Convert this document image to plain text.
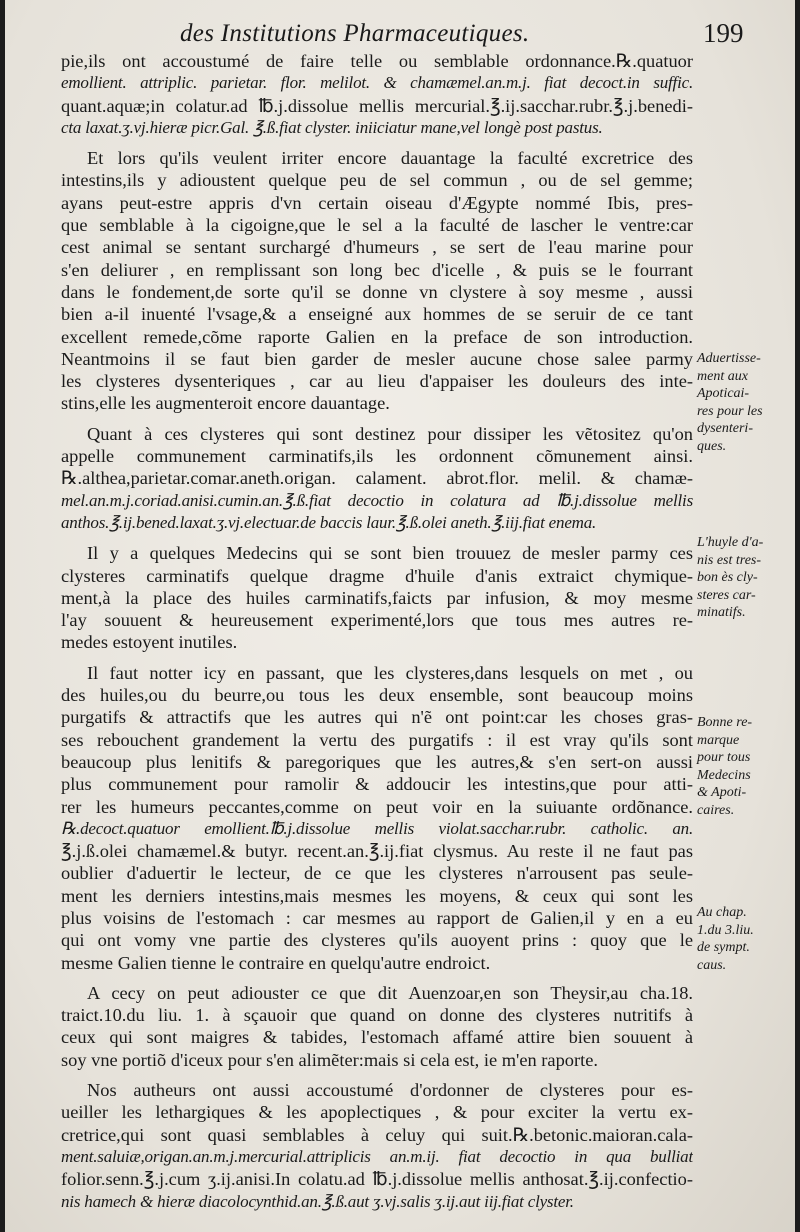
des Institutions Pharmaceutiques.	199
pie,ils ont accoustumé de faire telle ou semblable ordonnance.℞.quatuor
emollient. attriplic. parietar. flor. melilot. & chamæmel.an.m.j. fiat decoct.in suffic.
quant.aquæ;in colatur.ad ℔.j.dissolue mellis mercurial.℥.ij.sacchar.rubr.℥.j.benedi-
cta laxat.ʒ.vj.hieræ picr.Gal. ℥.ß.fiat clyster. iniiciatur mane,vel longè post pastus.
Et lors qu'ils veulent irriter encore dauantage la faculté excretrice des
intestins,ils y adioustent quelque peu de sel commun , ou de sel gemme;
ayans peut-estre appris d'vn certain oiseau d'Ægypte nommé Ibis, pres-
que semblable à la cigoigne,que le sel a la faculté de lascher le ventre:car
cest animal se sentant surchargé d'humeurs , se sert de l'eau marine pour
s'en deliurer , en remplissant son long bec d'icelle , & puis se le fourrant
dans le fondement,de sorte qu'il se donne vn clystere à soy mesme , aussi
bien a-il inuenté l'vsage,& a enseigné aux hommes de se seruir de ce tant
excellent remede,cõme raporte Galien en la preface de son introduction.
Neantmoins il se faut bien garder de mesler aucune chose salee parmy
les clysteres dysenteriques , car au lieu d'appaiser les douleurs des inte-
stins,elle les augmenteroit encore dauantage.
Quant à ces clysteres qui sont destinez pour dissiper les vẽtositez qu'on
appelle communement carminatifs,ils les ordonnent cõmunement ainsi.
℞.althea,parietar.comar.aneth.origan. calament. abrot.flor. melil. & chamæ-
mel.an.m.j.coriad.anisi.cumin.an.℥.ß.fiat decoctio in colatura ad ℔.j.dissolue mellis
anthos.℥.ij.bened.laxat.ʒ.vj.electuar.de baccis laur.℥.ß.olei aneth.℥.iij.fiat enema.
Il y a quelques Medecins qui se sont bien trouuez de mesler parmy ces
clysteres carminatifs quelque dragme d'huile d'anis extraict chymique-
ment,à la place des huiles carminatifs,faicts par infusion, & moy mesme
l'ay souuent & heureusement experimenté,lors que tous mes autres re-
medes estoyent inutiles.
Il faut notter icy en passant, que les clysteres,dans lesquels on met , ou
des huiles,ou du beurre,ou tous les deux ensemble, sont beaucoup moins
purgatifs & attractifs que les autres qui n'ẽ ont point:car les choses gras-
ses rebouchent grandement la vertu des purgatifs : il est vray qu'ils sont
beaucoup plus lenitifs & paregoriques que les autres,& s'en sert-on aussi
plus communement pour ramolir & addoucir les intestins,que pour atti-
rer les humeurs peccantes,comme on peut voir en la suiuante ordõnance.
℞.decoct.quatuor emollient.℔.j.dissolue mellis violat.sacchar.rubr. catholic. an.
℥.j.ß.olei chamæmel.& butyr. recent.an.℥.ij.fiat clysmus. Au reste il ne faut pas
oublier d'aduertir le lecteur, de ce que les clysteres n'arrousent pas seule-
ment les derniers intestins,mais mesmes les moyens, & ceux qui sont les
plus voisins de l'estomach : car mesmes au rapport de Galien,il y en a eu
qui ont vomy vne partie des clysteres qu'ils auoyent prins : quoy que le
mesme Galien tienne le contraire en quelqu'autre endroict.
A cecy on peut adiouster ce que dit Auenzoar,en son Theysir,au cha.18.
traict.10.du liu. 1. à sçauoir que quand on donne des clysteres nutritifs à
ceux qui sont maigres & tabides, l'estomach affamé attire bien souuent à
soy vne portiõ d'iceux pour s'en alimẽter:mais si cela est, ie m'en raporte.
Nos autheurs ont aussi accoustumé d'ordonner de clysteres pour es-
ueiller les lethargiques & les apoplectiques , & pour exciter la vertu ex-
cretrice,qui sont quasi semblables à celuy qui suit.℞.betonic.maioran.cala-
ment.saluiæ,origan.an.m.j.mercurial.attriplicis an.m.ij. fiat decoctio in qua bulliat
folior.senn.℥.j.cum ʒ.ij.anisi.In colatu.ad ℔.j.dissolue mellis anthosat.℥.ij.confectio-
nis hamech & hieræ diacolocynthid.an.℥.ß.aut ʒ.vj.salis ʒ.ij.aut iij.fiat clyster.
Aduertisse-
ment aux
Apoticai-
res pour les
dysenteri-
ques.
L'huyle d'a-
nis est tres-
bon ès cly-
steres car-
minatifs.
Bonne re-
marque
pour tous
Medecins
& Apoti-
caires.
Au chap.
1.du 3.liu.
de sympt.
caus.
